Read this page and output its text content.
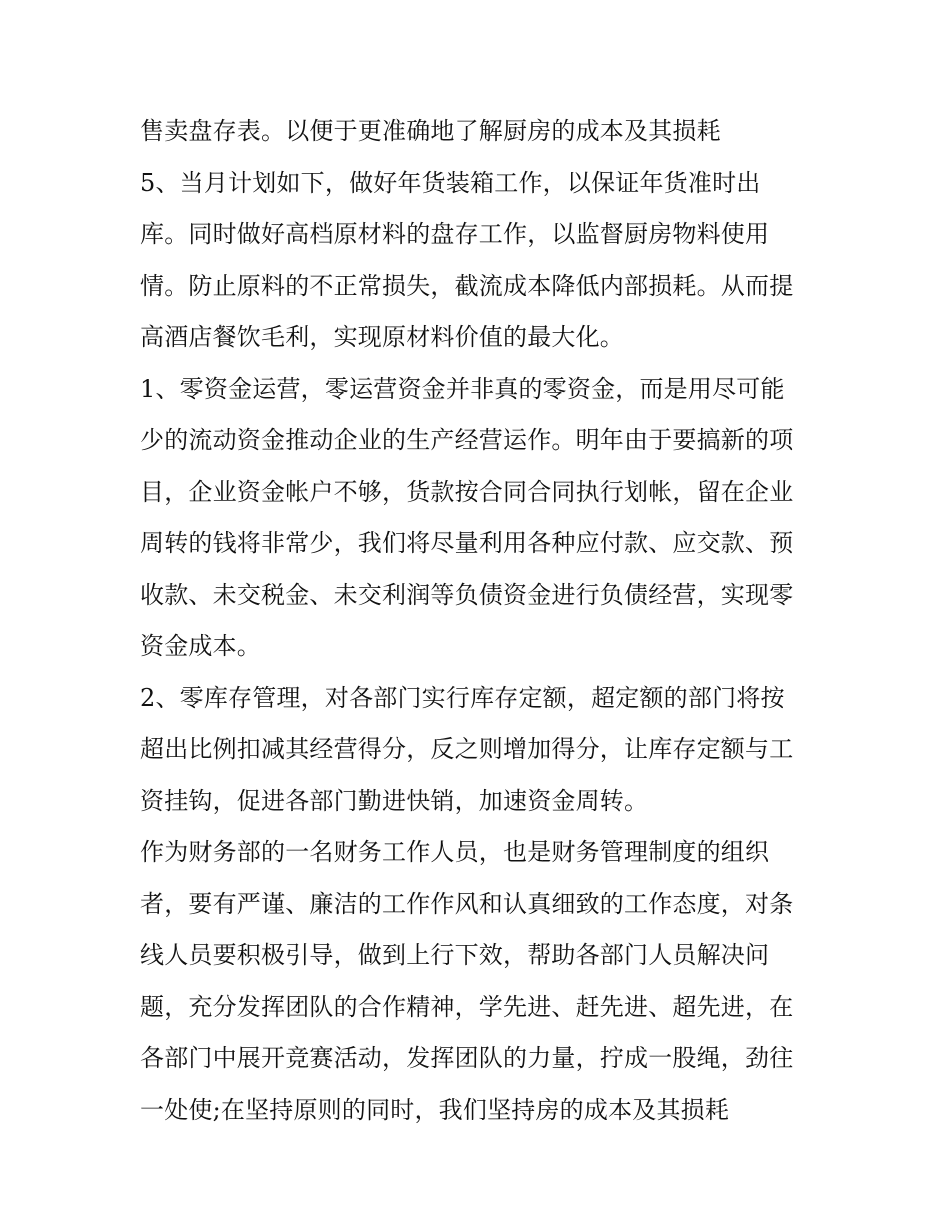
售卖盘存表。以便于更准确地了解厨房的成本及其损耗
5、当月计划如下，做好年货装箱工作，以保证年货准时出
库。同时做好高档原材料的盘存工作，以监督厨房物料使用
情。防止原料的不正常损失，截流成本降低内部损耗。从而提
高酒店餐饮毛利，实现原材料价值的最大化。
1、零资金运营，零运营资金并非真的零资金，而是用尽可能
少的流动资金推动企业的生产经营运作。明年由于要搞新的项
目，企业资金帐户不够，货款按合同合同执行划帐，留在企业
周转的钱将非常少，我们将尽量利用各种应付款、应交款、预
收款、未交税金、未交利润等负债资金进行负债经营，实现零
资金成本。
2、零库存管理，对各部门实行库存定额，超定额的部门将按
超出比例扣减其经营得分，反之则增加得分，让库存定额与工
资挂钩，促进各部门勤进快销，加速资金周转。
作为财务部的一名财务工作人员，也是财务管理制度的组织
者，要有严谨、廉洁的工作作风和认真细致的工作态度，对条
线人员要积极引导，做到上行下效，帮助各部门人员解决问
题，充分发挥团队的合作精神，学先进、赶先进、超先进，在
各部门中展开竞赛活动，发挥团队的力量，拧成一股绳，劲往
一处使;在坚持原则的同时，我们坚持房的成本及其损耗
